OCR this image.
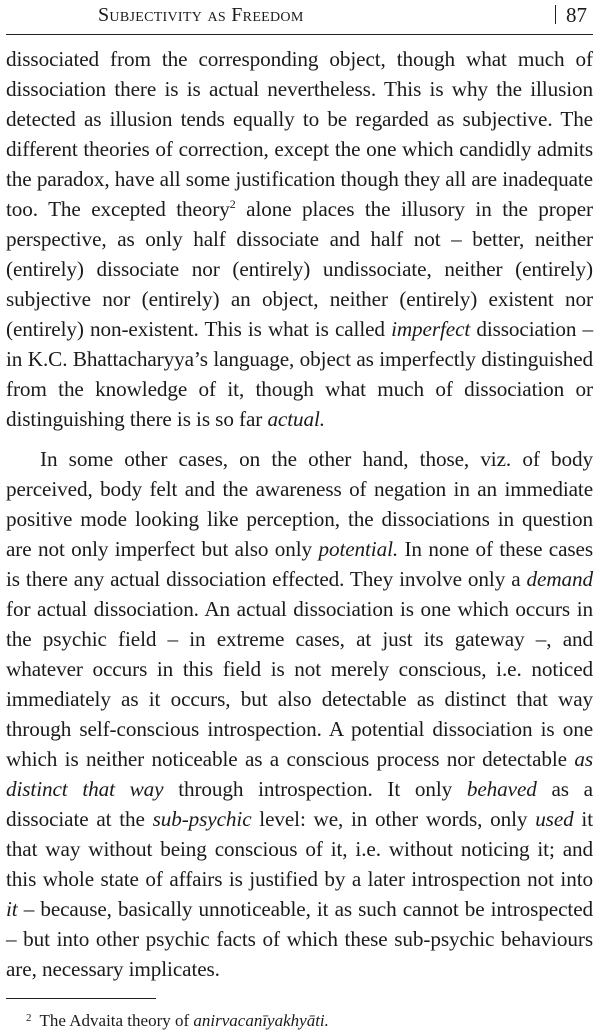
Subjectivity as Freedom	87

dissociated from the corresponding object, though what much of dissociation there is is actual nevertheless. This is why the illusion detected as illusion tends equally to be regarded as subjective. The different theories of correction, except the one which candidly admits the paradox, have all some justification though they all are inadequate too. The excepted theory$^2$ alone places the illusory in the proper perspective, as only half dissociate and half not – better, neither (entirely) dissociate nor (entirely) undissociate, neither (entirely) subjective nor (entirely) an object, neither (entirely) existent nor (entirely) non-existent. This is what is called imperfect dissociation – in K.C. Bhattacharyya’s language, object as imperfectly distinguished from the knowledge of it, though what much of dissociation or distinguishing there is is so far actual.

In some other cases, on the other hand, those, viz. of body perceived, body felt and the awareness of negation in an immediate positive mode looking like perception, the dissociations in question are not only imperfect but also only potential. In none of these cases is there any actual dissociation effected. They involve only a demand for actual dissociation. An actual dissociation is one which occurs in the psychic field – in extreme cases, at just its gateway –, and whatever occurs in this field is not merely conscious, i.e. noticed immediately as it occurs, but also detectable as distinct that way through self-conscious introspection. A potential dissociation is one which is neither noticeable as a conscious process nor detectable as distinct that way through introspection. It only behaved as a dissociate at the sub-psychic level: we, in other words, only used it that way without being conscious of it, i.e. without noticing it; and this whole state of affairs is justified by a later introspection not into it – because, basically unnoticeable, it as such cannot be introspected – but into other psychic facts of which these sub-psychic behaviours are, necessary implicates.

$^2$ The Advaita theory of anirvacanīyakhyāti.
